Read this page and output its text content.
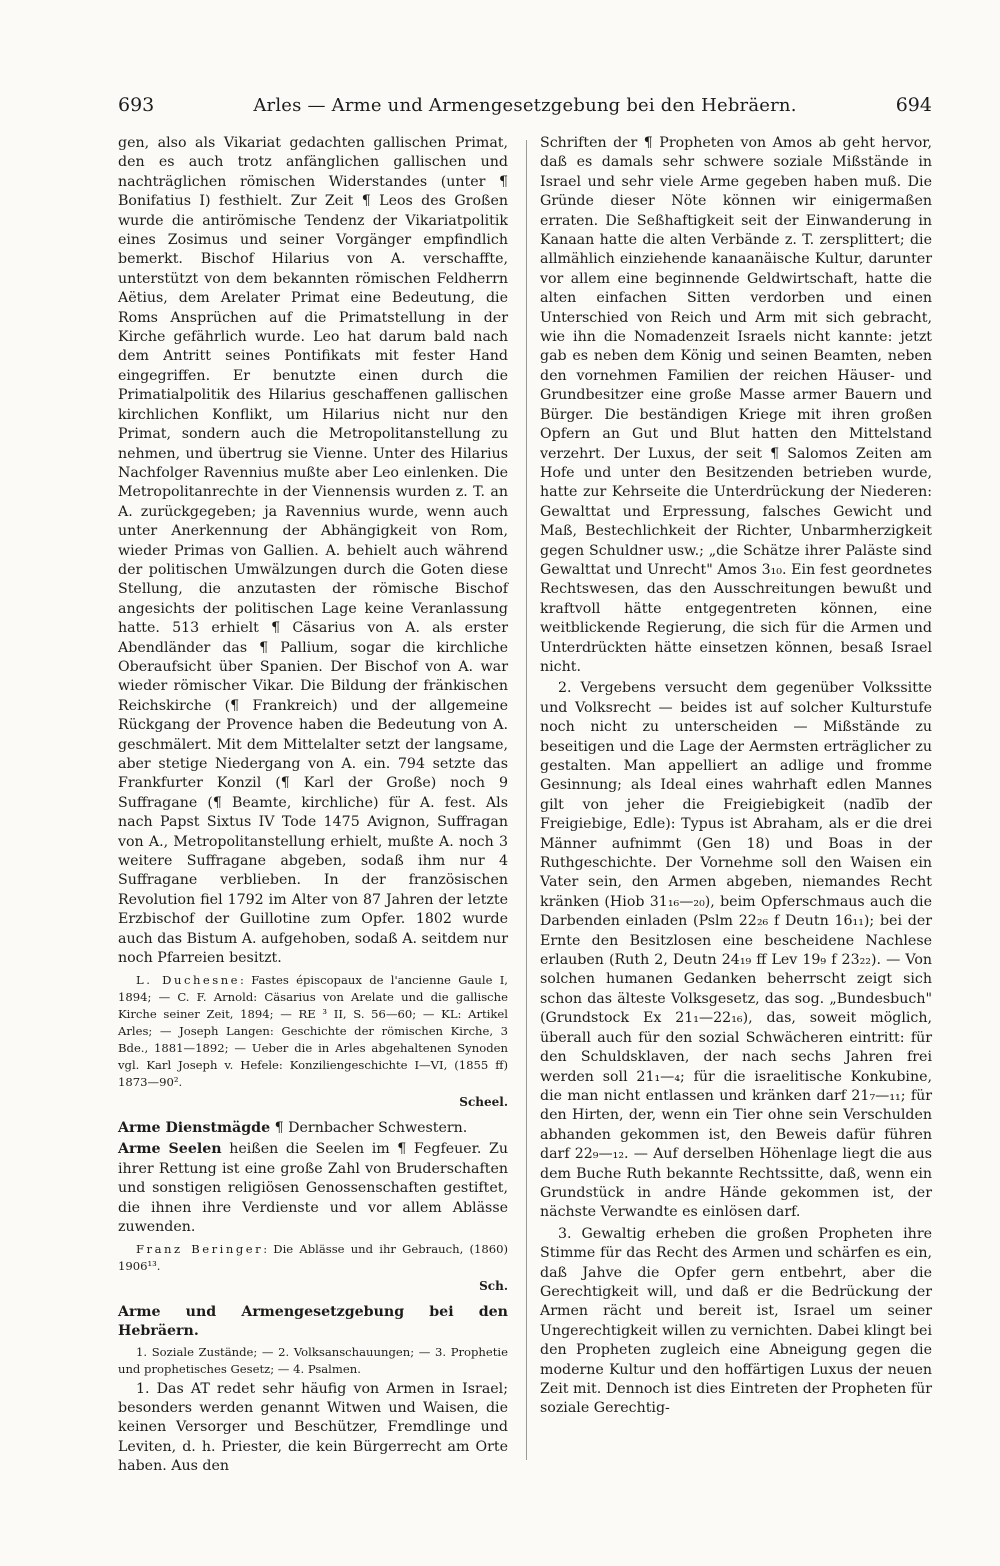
693	Arles — Arme und Armengesetzgebung bei den Hebräern.	694

gen, also als Vikariat gedachten gallischen Primat, den es auch trotz anfänglichen gallischen und nachträglichen römischen Widerstandes (unter ¶ Bonifatius I) festhielt. Zur Zeit ¶ Leos des Großen wurde die antirömische Tendenz der Vikariatpolitik eines Zosimus und seiner Vorgänger empfindlich bemerkt. Bischof Hilarius von A. verschaffte, unterstützt von dem bekannten römischen Feldherrn Aëtius, dem Arelater Primat eine Bedeutung, die Roms Ansprüchen auf die Primatstellung in der Kirche gefährlich wurde. Leo hat darum bald nach dem Antritt seines Pontifikats mit fester Hand eingegriffen. Er benutzte einen durch die Primatialpolitik des Hilarius geschaffenen gallischen kirchlichen Konflikt, um Hilarius nicht nur den Primat, sondern auch die Metropolitanstellung zu nehmen, und übertrug sie Vienne. Unter des Hilarius Nachfolger Ravennius mußte aber Leo einlenken. Die Metropolitanrechte in der Viennensis wurden z. T. an A. zurückgegeben; ja Ravennius wurde, wenn auch unter Anerkennung der Abhängigkeit von Rom, wieder Primas von Gallien. A. behielt auch während der politischen Umwälzungen durch die Goten diese Stellung, die anzutasten der römische Bischof angesichts der politischen Lage keine Veranlassung hatte. 513 erhielt ¶ Cäsarius von A. als erster Abendländer das ¶ Pallium, sogar die kirchliche Oberaufsicht über Spanien. Der Bischof von A. war wieder römischer Vikar. Die Bildung der fränkischen Reichskirche (¶ Frankreich) und der allgemeine Rückgang der Provence haben die Bedeutung von A. geschmälert. Mit dem Mittelalter setzt der langsame, aber stetige Niedergang von A. ein. 794 setzte das Frankfurter Konzil (¶ Karl der Große) noch 9 Suffragane (¶ Beamte, kirchliche) für A. fest. Als nach Papst Sixtus IV Tode 1475 Avignon, Suffragan von A., Metropolitanstellung erhielt, mußte A. noch 3 weitere Suffragane abgeben, sodaß ihm nur 4 Suffragane verblieben. In der französischen Revolution fiel 1792 im Alter von 87 Jahren der letzte Erzbischof der Guillotine zum Opfer. 1802 wurde auch das Bistum A. aufgehoben, sodaß A. seitdem nur noch Pfarreien besitzt.

L. Duchesne: Fastes épiscopaux de l'ancienne Gaule I, 1894; — C. F. Arnold: Cäsarius von Arelate und die gallische Kirche seiner Zeit, 1894; — RE ³ II, S. 56—60; — KL: Artikel Arles; — Joseph Langen: Geschichte der römischen Kirche, 3 Bde., 1881—1892; — Ueber die in Arles abgehaltenen Synoden vgl. Karl Joseph v. Hefele: Konziliengeschichte I—VI, (1855 ff) 1873—90².

Scheel.

Arme Dienstmägde ¶ Dernbacher Schwestern.

Arme Seelen heißen die Seelen im ¶ Fegfeuer. Zu ihrer Rettung ist eine große Zahl von Bruderschaften und sonstigen religiösen Genossenschaften gestiftet, die ihnen ihre Verdienste und vor allem Ablässe zuwenden.

Franz Beringer: Die Ablässe und ihr Gebrauch, (1860) 1906¹³.

Sch.

Arme und Armengesetzgebung bei den Hebräern.

1. Soziale Zustände; — 2. Volksanschauungen; — 3. Prophetie und prophetisches Gesetz; — 4. Psalmen.

1. Das AT redet sehr häufig von Armen in Israel; besonders werden genannt Witwen und Waisen, die keinen Versorger und Beschützer, Fremdlinge und Leviten, d. h. Priester, die kein Bürgerrecht am Orte haben. Aus den

Schriften der ¶ Propheten von Amos ab geht hervor, daß es damals sehr schwere soziale Mißstände in Israel und sehr viele Arme gegeben haben muß. Die Gründe dieser Nöte können wir einigermaßen erraten. Die Seßhaftigkeit seit der Einwanderung in Kanaan hatte die alten Verbände z. T. zersplittert; die allmählich einziehende kanaanäische Kultur, darunter vor allem eine beginnende Geldwirtschaft, hatte die alten einfachen Sitten verdorben und einen Unterschied von Reich und Arm mit sich gebracht, wie ihn die Nomadenzeit Israels nicht kannte: jetzt gab es neben dem König und seinen Beamten, neben den vornehmen Familien der reichen Häuser- und Grundbesitzer eine große Masse armer Bauern und Bürger. Die beständigen Kriege mit ihren großen Opfern an Gut und Blut hatten den Mittelstand verzehrt. Der Luxus, der seit ¶ Salomos Zeiten am Hofe und unter den Besitzenden betrieben wurde, hatte zur Kehrseite die Unterdrückung der Niederen: Gewalttat und Erpressung, falsches Gewicht und Maß, Bestechlichkeit der Richter, Unbarmherzigkeit gegen Schuldner usw.; „die Schätze ihrer Paläste sind Gewalttat und Unrecht" Amos 3₁₀. Ein fest geordnetes Rechtswesen, das den Ausschreitungen bewußt und kraftvoll hätte entgegentreten können, eine weitblickende Regierung, die sich für die Armen und Unterdrückten hätte einsetzen können, besaß Israel nicht.

2. Vergebens versucht dem gegenüber Volkssitte und Volksrecht — beides ist auf solcher Kulturstufe noch nicht zu unterscheiden — Mißstände zu beseitigen und die Lage der Aermsten erträglicher zu gestalten. Man appelliert an adlige und fromme Gesinnung; als Ideal eines wahrhaft edlen Mannes gilt von jeher die Freigiebigkeit (nadīb der Freigiebige, Edle): Typus ist Abraham, als er die drei Männer aufnimmt (Gen 18) und Boas in der Ruthgeschichte. Der Vornehme soll den Waisen ein Vater sein, den Armen abgeben, niemandes Recht kränken (Hiob 31₁₆—₂₀), beim Opferschmaus auch die Darbenden einladen (Pslm 22₂₆ f Deutn 16₁₁); bei der Ernte den Besitzlosen eine bescheidene Nachlese erlauben (Ruth 2, Deutn 24₁₉ ff Lev 19₉ f 23₂₂). — Von solchen humanen Gedanken beherrscht zeigt sich schon das älteste Volksgesetz, das sog. „Bundesbuch" (Grundstock Ex 21₁—22₁₆), das, soweit möglich, überall auch für den sozial Schwächeren eintritt: für den Schuldsklaven, der nach sechs Jahren frei werden soll 21₁—₄; für die israelitische Konkubine, die man nicht entlassen und kränken darf 21₇—₁₁; für den Hirten, der, wenn ein Tier ohne sein Verschulden abhanden gekommen ist, den Beweis dafür führen darf 22₉—₁₂. — Auf derselben Höhenlage liegt die aus dem Buche Ruth bekannte Rechtssitte, daß, wenn ein Grundstück in andre Hände gekommen ist, der nächste Verwandte es einlösen darf.

3. Gewaltig erheben die großen Propheten ihre Stimme für das Recht des Armen und schärfen es ein, daß Jahve die Opfer gern entbehrt, aber die Gerechtigkeit will, und daß er die Bedrückung der Armen rächt und bereit ist, Israel um seiner Ungerechtigkeit willen zu vernichten. Dabei klingt bei den Propheten zugleich eine Abneigung gegen die moderne Kultur und den hoffärtigen Luxus der neuen Zeit mit. Dennoch ist dies Eintreten der Propheten für soziale Gerechtig-
